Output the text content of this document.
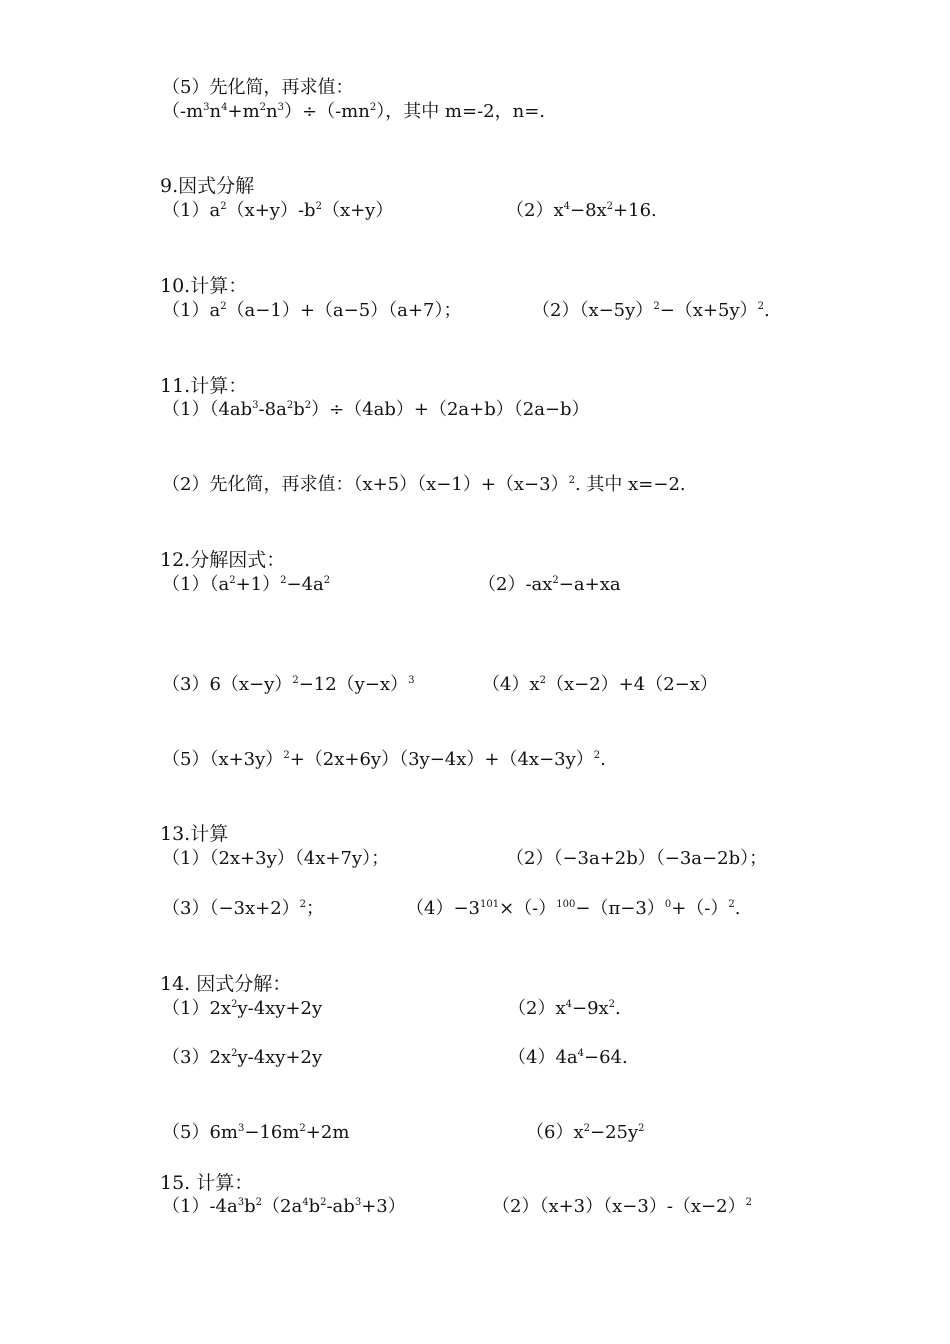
（5）先化简，再求值：
$(-m^3n^4+m^2n^3)\div(-mn^2)$，其中 m=-2，n=.
9.因式分解
$(1)a^2(x+y)-b^2(x+y)$	$(2)x^4-8x^2+16$.
10.计算：
$(1)a^2(a-1)+(a-5)(a+7)$；	$(2)(x-5y)^2-(x+5y)^2$.
11.计算：
$(1)(4ab^3-8a^2b^2)\div(4ab)+(2a+b)(2a-b)$
（2）先化简，再求值：$(x+5)(x-1)+(x-3)^2$. 其中 x=−2.
12.分解因式：
$(1)(a^2+1)^2-4a^2$	$(2)-ax^2-a+xa$
$(3)6(x-y)^2-12(y-x)^3$	$(4)x^2(x-2)+4(2-x)$
$(5)(x+3y)^2+(2x+6y)(3y-4x)+(4x-3y)^2$.
13.计算
（1）（2x+3y）（4x+7y）；	（2）（−3a+2b）（−3a−2b）；
$(3)(-3x+2)^2$；	$(4)-3^{101}\times(-)^{100}-(\pi-3)^0+(-)^2$.
14. 因式分解：
$(1)2x^2y-4xy+2y$	$(2)x^4-9x^2$.
$(3)2x^2y-4xy+2y$	$(4)4a^4-64$.
$(5)6m^3-16m^2+2m$	$(6)x^2-25y^2$
15. 计算：
$(1)-4a^3b^2(2a^4b^2-ab^3+3)$	$(2)(x+3)(x-3)-(x-2)^2$
